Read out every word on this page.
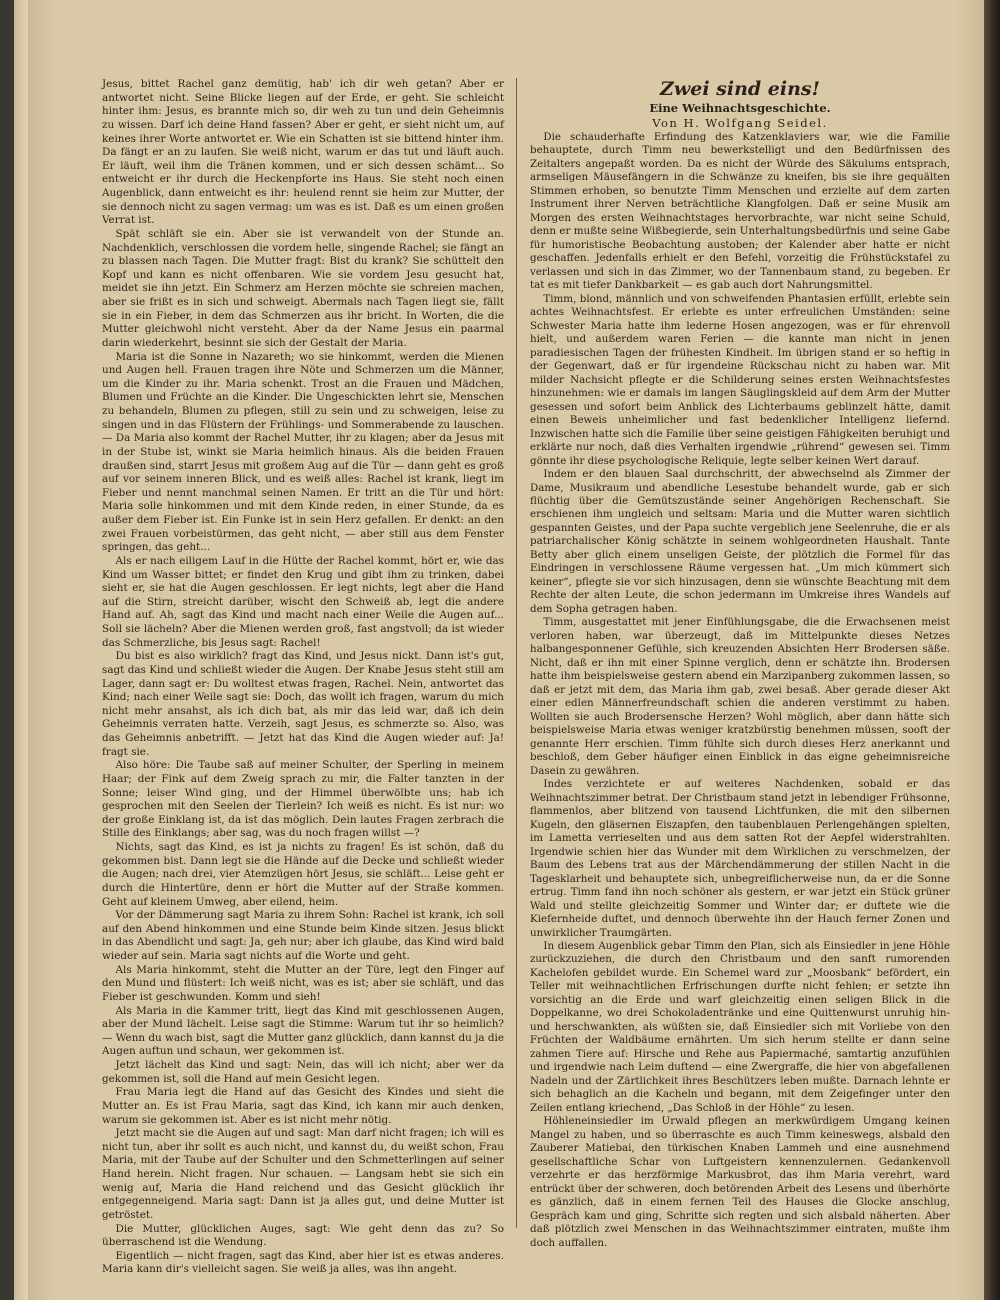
Jesus, bittet Rachel ganz demütig, hab' ich dir weh getan? Aber er antwortet nicht. Seine Blicke liegen auf der Erde, er geht. Sie schleicht hinter ihm: Jesus, es brannte mich so, dir weh zu tun und dein Geheimnis zu wissen. Darf ich deine Hand fassen? Aber er geht, er sieht nicht um, auf keines ihrer Worte antwortet er. Wie ein Schatten ist sie bittend hinter ihm. Da fängt er an zu laufen. Sie weiß nicht, warum er das tut und läuft auch. Er läuft, weil ihm die Tränen kommen, und er sich dessen schämt... So entweicht er ihr durch die Heckenpforte ins Haus. Sie steht noch einen Augenblick, dann entweicht es ihr: heulend rennt sie heim zur Mutter, der sie dennoch nicht zu sagen vermag: um was es ist. Daß es um einen großen Verrat ist.

Spät schläft sie ein. Aber sie ist verwandelt von der Stunde an. Nachdenklich, verschlossen die vordem helle, singende Rachel; sie fängt an zu blassen nach Tagen. Die Mutter fragt: Bist du krank? Sie schüttelt den Kopf und kann es nicht offenbaren. Wie sie vordem Jesu gesucht hat, meidet sie ihn jetzt. Ein Schmerz am Herzen möchte sie schreien machen, aber sie frißt es in sich und schweigt. Abermals nach Tagen liegt sie, fällt sie in ein Fieber, in dem das Schmerzen aus ihr bricht. In Worten, die die Mutter gleichwohl nicht versteht. Aber da der Name Jesus ein paarmal darin wiederkehrt, besinnt sie sich der Gestalt der Maria.

Maria ist die Sonne in Nazareth; wo sie hinkommt, werden die Mienen und Augen hell. Frauen tragen ihre Nöte und Schmerzen um die Männer, um die Kinder zu ihr. Maria schenkt. Trost an die Frauen und Mädchen, Blumen und Früchte an die Kinder. Die Ungeschickten lehrt sie, Menschen zu behandeln, Blumen zu pflegen, still zu sein und zu schweigen, leise zu singen und in das Flüstern der Frühlings- und Sommerabende zu lauschen. — Da Maria also kommt der Rachel Mutter, ihr zu klagen; aber da Jesus mit in der Stube ist, winkt sie Maria heimlich hinaus. Als die beiden Frauen draußen sind, starrt Jesus mit großem Aug auf die Tür — dann geht es groß auf vor seinem inneren Blick, und es weiß alles: Rachel ist krank, liegt im Fieber und nennt manchmal seinen Namen. Er tritt an die Tür und hört: Maria solle hinkommen und mit dem Kinde reden, in einer Stunde, da es außer dem Fieber ist. Ein Funke ist in sein Herz gefallen. Er denkt: an den zwei Frauen vorbeistürmen, das geht nicht, — aber still aus dem Fenster springen, das geht...

Als er nach eiligem Lauf in die Hütte der Rachel kommt, hört er, wie das Kind um Wasser bittet; er findet den Krug und gibt ihm zu trinken, dabei sieht er, sie hat die Augen geschlossen. Er legt nichts, legt aber die Hand auf die Stirn, streicht darüber, wischt den Schweiß ab, legt die andere Hand auf. Ah, sagt das Kind und macht nach einer Weile die Augen auf... Soll sie lächeln? Aber die Mienen werden groß, fast angstvoll; da ist wieder das Schmerzliche, bis Jesus sagt: Rachel!

Du bist es also wirklich? fragt das Kind, und Jesus nickt. Dann ist's gut, sagt das Kind und schließt wieder die Augen. Der Knabe Jesus steht still am Lager, dann sagt er: Du wolltest etwas fragen, Rachel. Nein, antwortet das Kind; nach einer Weile sagt sie: Doch, das wollt ich fragen, warum du mich nicht mehr ansahst, als ich dich bat, als mir das leid war, daß ich dein Geheimnis verraten hatte. Verzeih, sagt Jesus, es schmerzte so. Also, was das Geheimnis anbetrifft. — Jetzt hat das Kind die Augen wieder auf: Ja! fragt sie.

Also höre: Die Taube saß auf meiner Schulter, der Sperling in meinem Haar; der Fink auf dem Zweig sprach zu mir, die Falter tanzten in der Sonne; leiser Wind ging, und der Himmel überwölbte uns; hab ich gesprochen mit den Seelen der Tierlein? Ich weiß es nicht. Es ist nur: wo der große Einklang ist, da ist das möglich. Dein lautes Fragen zerbrach die Stille des Einklangs; aber sag, was du noch fragen willst —?

Nichts, sagt das Kind, es ist ja nichts zu fragen! Es ist schön, daß du gekommen bist. Dann legt sie die Hände auf die Decke und schließt wieder die Augen; nach drei, vier Atemzügen hört Jesus, sie schläft... Leise geht er durch die Hintertüre, denn er hört die Mutter auf der Straße kommen. Geht auf kleinem Umweg, aber eilend, heim.

Vor der Dämmerung sagt Maria zu ihrem Sohn: Rachel ist krank, ich soll auf den Abend hinkommen und eine Stunde beim Kinde sitzen. Jesus blickt in das Abendlicht und sagt: Ja, geh nur; aber ich glaube, das Kind wird bald wieder auf sein. Maria sagt nichts auf die Worte und geht.

Als Maria hinkommt, steht die Mutter an der Türe, legt den Finger auf den Mund und flüstert: Ich weiß nicht, was es ist; aber sie schläft, und das Fieber ist geschwunden. Komm und sieh!

Als Maria in die Kammer tritt, liegt das Kind mit geschlossenen Augen, aber der Mund lächelt. Leise sagt die Stimme: Warum tut ihr so heimlich? — Wenn du wach bist, sagt die Mutter ganz glücklich, dann kannst du ja die Augen auftun und schaun, wer gekommen ist.

Jetzt lächelt das Kind und sagt: Nein, das will ich nicht; aber wer da gekommen ist, soll die Hand auf mein Gesicht legen.

Frau Maria legt die Hand auf das Gesicht des Kindes und sieht die Mutter an. Es ist Frau Maria, sagt das Kind, ich kann mir auch denken, warum sie gekommen ist. Aber es ist nicht mehr nötig.

Jetzt macht sie die Augen auf und sagt: Man darf nicht fragen; ich will es nicht tun, aber ihr sollt es auch nicht, und kannst du, du weißt schon, Frau Maria, mit der Taube auf der Schulter und den Schmetterlingen auf seiner Hand herein. Nicht fragen. Nur schauen. — Langsam hebt sie sich ein wenig auf, Maria die Hand reichend und das Gesicht glücklich ihr entgegenneigend. Maria sagt: Dann ist ja alles gut, und deine Mutter ist getröstet.

Die Mutter, glücklichen Auges, sagt: Wie geht denn das zu? So überraschend ist die Wendung.

Eigentlich — nicht fragen, sagt das Kind, aber hier ist es etwas anderes. Maria kann dir's vielleicht sagen. Sie weiß ja alles, was ihn angeht.

Zwei sind eins!

Eine Weihnachtsgeschichte.

Von H. Wolfgang Seidel.

Die schauderhafte Erfindung des Katzenklaviers war, wie die Familie behauptete, durch Timm neu bewerkstelligt und den Bedürfnissen des Zeitalters angepaßt worden. Da es nicht der Würde des Säkulums entsprach, armseligen Mäusefängern in die Schwänze zu kneifen, bis sie ihre gequälten Stimmen erhoben, so benutzte Timm Menschen und erzielte auf dem zarten Instrument ihrer Nerven beträchtliche Klangfolgen. Daß er seine Musik am Morgen des ersten Weihnachtstages hervorbrachte, war nicht seine Schuld, denn er mußte seine Wißbegierde, sein Unterhaltungsbedürfnis und seine Gabe für humoristische Beobachtung austoben; der Kalender aber hatte er nicht geschaffen. Jedenfalls erhielt er den Befehl, vorzeitig die Frühstückstafel zu verlassen und sich in das Zimmer, wo der Tannenbaum stand, zu begeben. Er tat es mit tiefer Dankbarkeit — es gab auch dort Nahrungsmittel.

Timm, blond, männlich und von schweifenden Phantasien erfüllt, erlebte sein achtes Weihnachtsfest. Er erlebte es unter erfreulichen Umständen: seine Schwester Maria hatte ihm lederne Hosen angezogen, was er für ehrenvoll hielt, und außerdem waren Ferien — die kannte man nicht in jenen paradiesischen Tagen der frühesten Kindheit. Im übrigen stand er so heftig in der Gegenwart, daß er für irgendeine Rückschau nicht zu haben war. Mit milder Nachsicht pflegte er die Schilderung seines ersten Weihnachtsfestes hinzunehmen: wie er damals im langen Säuglingskleid auf dem Arm der Mutter gesessen und sofort beim Anblick des Lichterbaums geblinzelt hätte, damit einen Beweis unheimlicher und fast bedenklicher Intelligenz liefernd. Inzwischen hatte sich die Familie über seine geistigen Fähigkeiten beruhigt und erklärte nur noch, daß dies Verhalten irgendwie „rührend“ gewesen sei. Timm gönnte ihr diese psychologische Reliquie, legte selber keinen Wert darauf.

Indem er den blauen Saal durchschritt, der abwechselnd als Zimmer der Dame, Musikraum und abendliche Lesestube behandelt wurde, gab er sich flüchtig über die Gemütszustände seiner Angehörigen Rechenschaft. Sie erschienen ihm ungleich und seltsam: Maria und die Mutter waren sichtlich gespannten Geistes, und der Papa suchte vergeblich jene Seelenruhe, die er als patriarchalischer König schätzte in seinem wohlgeordneten Haushalt. Tante Betty aber glich einem unseligen Geiste, der plötzlich die Formel für das Eindringen in verschlossene Räume vergessen hat. „Um mich kümmert sich keiner“, pflegte sie vor sich hinzusagen, denn sie wünschte Beachtung mit dem Rechte der alten Leute, die schon jedermann im Umkreise ihres Wandels auf dem Sopha getragen haben.

Timm, ausgestattet mit jener Einfühlungsgabe, die die Erwachsenen meist verloren haben, war überzeugt, daß im Mittelpunkte dieses Netzes halbangesponnener Gefühle, sich kreuzenden Absichten Herr Brodersen säße. Nicht, daß er ihn mit einer Spinne verglich, denn er schätzte ihn. Brodersen hatte ihm beispielsweise gestern abend ein Marzipanberg zukommen lassen, so daß er jetzt mit dem, das Maria ihm gab, zwei besaß. Aber gerade dieser Akt einer edlen Männerfreundschaft schien die anderen verstimmt zu haben. Wollten sie auch Brodersensche Herzen? Wohl möglich, aber dann hätte sich beispielsweise Maria etwas weniger kratzbürstig benehmen müssen, sooft der genannte Herr erschien. Timm fühlte sich durch dieses Herz anerkannt und beschloß, dem Geber häufiger einen Einblick in das eigne geheimnisreiche Dasein zu gewähren.

Indes verzichtete er auf weiteres Nachdenken, sobald er das Weihnachtszimmer betrat. Der Christbaum stand jetzt in lebendiger Frühsonne, flammenlos, aber blitzend von tausend Lichtfunken, die mit den silbernen Kugeln, den gläsernen Eiszapfen, den taubenblauen Perlengehängen spielten, im Lametta verrieselten und aus dem satten Rot der Aepfel widerstrahlten. Irgendwie schien hier das Wunder mit dem Wirklichen zu verschmelzen, der Baum des Lebens trat aus der Märchendämmerung der stillen Nacht in die Tagesklarheit und behauptete sich, unbegreiflicherweise nun, da er die Sonne ertrug. Timm fand ihn noch schöner als gestern, er war jetzt ein Stück grüner Wald und stellte gleichzeitig Sommer und Winter dar; er duftete wie die Kiefernheide duftet, und dennoch überwehte ihn der Hauch ferner Zonen und unwirklicher Traumgärten.

In diesem Augenblick gebar Timm den Plan, sich als Einsiedler in jene Höhle zurückzuziehen, die durch den Christbaum und den sanft rumorenden Kachelofen gebildet wurde. Ein Schemel ward zur „Moosbank“ befördert, ein Teller mit weihnachtlichen Erfrischungen durfte nicht fehlen; er setzte ihn vorsichtig an die Erde und warf gleichzeitig einen seligen Blick in die Doppelkanne, wo drei Schokoladentränke und eine Quittenwurst unruhig hin- und herschwankten, als wüßten sie, daß Einsiedler sich mit Vorliebe von den Früchten der Waldbäume ernährten. Um sich herum stellte er dann seine zahmen Tiere auf: Hirsche und Rehe aus Papiermaché, samtartig anzufühlen und irgendwie nach Leim duftend — eine Zwergraffe, die hier von abgefallenen Nadeln und der Zärtlichkeit ihres Beschützers leben mußte. Darnach lehnte er sich behaglich an die Kacheln und begann, mit dem Zeigefinger unter den Zeilen entlang kriechend, „Das Schloß in der Höhle“ zu lesen.

Höhleneinsiedler im Urwald pflegen an merkwürdigem Umgang keinen Mangel zu haben, und so überraschte es auch Timm keineswegs, alsbald den Zauberer Matiebai, den türkischen Knaben Lammeh und eine ausnehmend gesellschaftliche Schar von Luftgeistern kennenzulernen. Gedankenvoll verzehrte er das herzförmige Markusbrot, das ihm Maria verehrt, ward entrückt über der schweren, doch betörenden Arbeit des Lesens und überhörte es gänzlich, daß in einem fernen Teil des Hauses die Glocke anschlug, Gespräch kam und ging, Schritte sich regten und sich alsbald näherten. Aber daß plötzlich zwei Menschen in das Weihnachtszimmer eintraten, mußte ihm doch auffallen.
